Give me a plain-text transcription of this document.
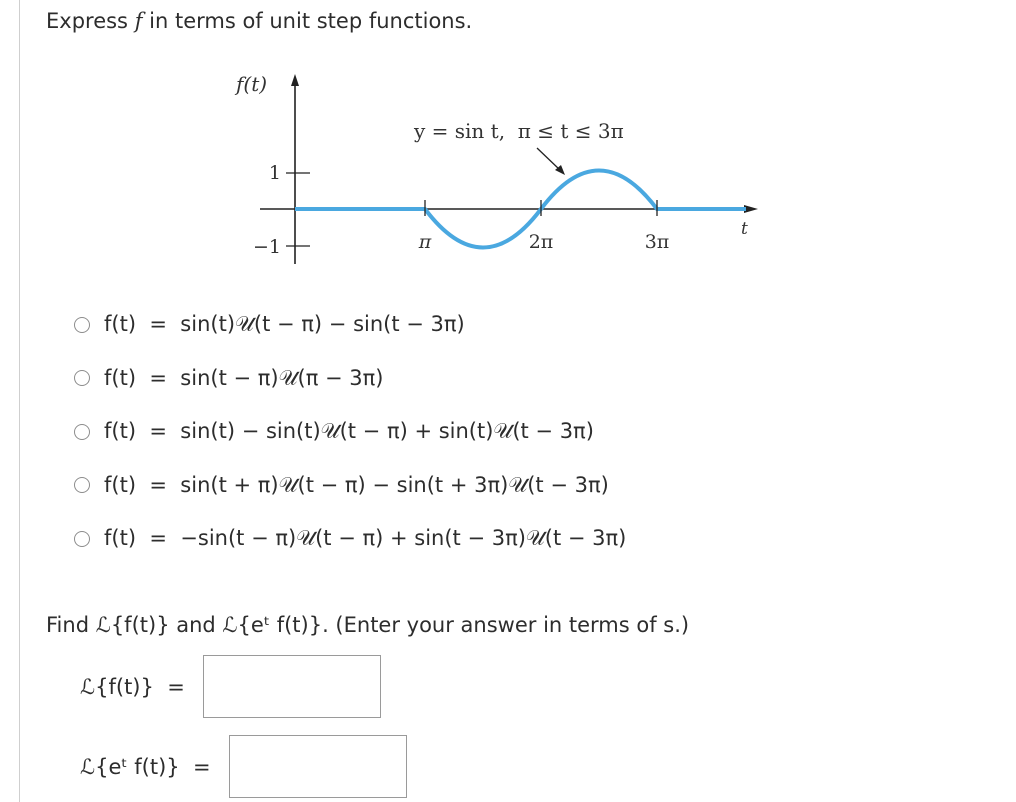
Express f in terms of unit step functions.
f(t)
t
y = sin t,  π ≤ t ≤ 3π
1
−1	π	2π	3π
f(t)  =  sin(t)𝒰(t − π) − sin(t − 3π)
f(t)  =  sin(t − π)𝒰(π − 3π)
f(t)  =  sin(t) − sin(t)𝒰(t − π) + sin(t)𝒰(t − 3π)
f(t)  =  sin(t + π)𝒰(t − π) − sin(t + 3π)𝒰(t − 3π)
f(t)  =  −sin(t − π)𝒰(t − π) + sin(t − 3π)𝒰(t − 3π)
Find ℒ{f(t)} and ℒ{eᵗ f(t)}. (Enter your answer in terms of s.)
ℒ{f(t)}  =
ℒ{eᵗ f(t)}  =
